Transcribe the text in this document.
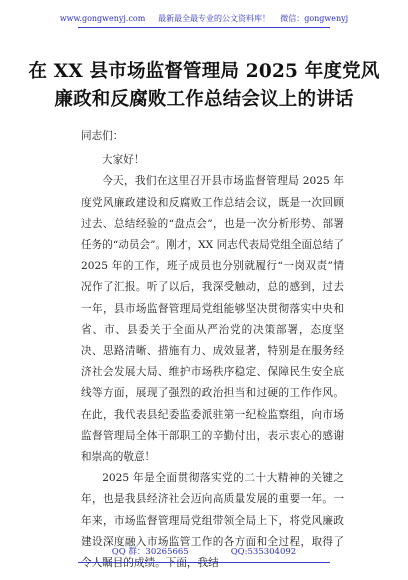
www.gongwenyj.com 最新最全最专业的公文资料库！ 微信：gongwenyj
在 XX 县市场监督管理局 2025 年度党风
廉政和反腐败工作总结会议上的讲话

同志们：

大家好！

今天，我们在这里召开县市场监督管理局 2025 年度党风廉政建设和反腐败工作总结会议，既是一次回顾过去、总结经验的“盘点会”，也是一次分析形势、部署任务的“动员会”。刚才，XX 同志代表局党组全面总结了 2025 年的工作，班子成员也分别就履行“一岗双责”情况作了汇报。听了以后，我深受触动，总的感到，过去一年，县市场监督管理局党组能够坚决贯彻落实中央和省、市、县委关于全面从严治党的决策部署，态度坚决、思路清晰、措施有力、成效显著，特别是在服务经济社会发展大局、维护市场秩序稳定、保障民生安全底线等方面，展现了强烈的政治担当和过硬的工作作风。在此，我代表县纪委监委派驻第一纪检监察组，向市场监督管理局全体干部职工的辛勤付出，表示衷心的感谢和崇高的敬意！

2025 年是全面贯彻落实党的二十大精神的关键之年，也是我县经济社会迈向高质量发展的重要一年。一年来，市场监督管理局党组带领全局上下，将党风廉政建设深度融入市场监管工作的各方面和全过程，取得了令人瞩目的成绩。下面，我结

QQ 群：30265665	QQ:535304092
